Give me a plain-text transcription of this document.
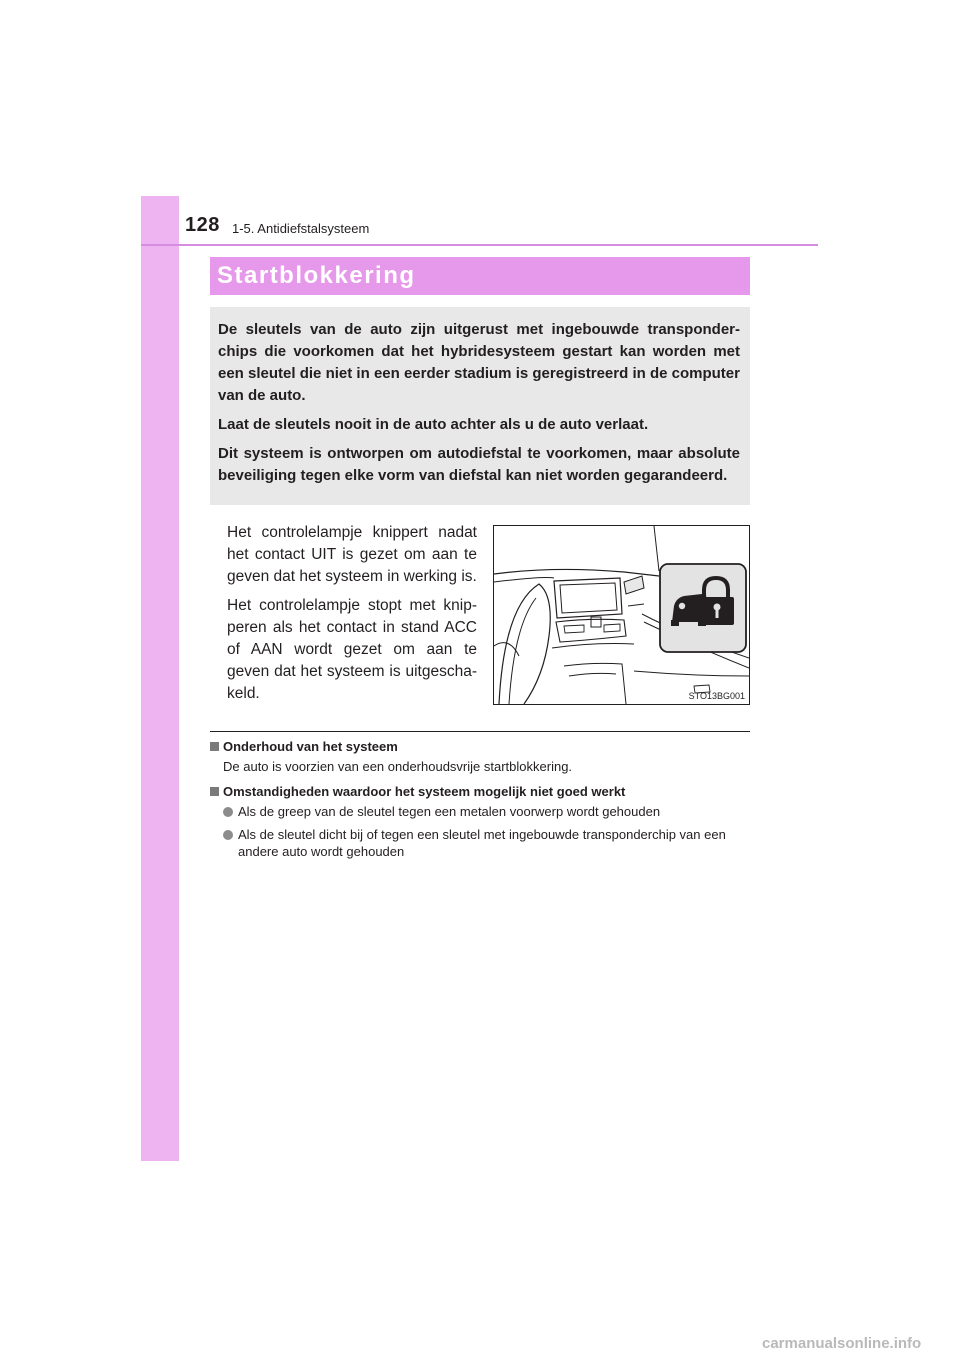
128 1-5. Antidiefstalsysteem
Startblokkering

De sleutels van de auto zijn uitgerust met ingebouwde transponder-chips die voorkomen dat het hybridesysteem gestart kan worden met een sleutel die niet in een eerder stadium is geregistreerd in de computer van de auto.

Laat de sleutels nooit in de auto achter als u de auto verlaat.

Dit systeem is ontworpen om autodiefstal te voorkomen, maar absolute beveiliging tegen elke vorm van diefstal kan niet worden gegarandeerd.

Het controlelampje knippert nadat het contact UIT is gezet om aan te geven dat het systeem in werking is.

Het controlelampje stopt met knip-peren als het contact in stand ACC of AAN wordt gezet om aan te geven dat het systeem is uitgescha-keld.	STO13BG001

Onderhoud van het systeem

De auto is voorzien van een onderhoudsvrije startblokkering.

Omstandigheden waardoor het systeem mogelijk niet goed werkt

Als de greep van de sleutel tegen een metalen voorwerp wordt gehouden
Als de sleutel dicht bij of tegen een sleutel met ingebouwde transponderchip van een andere auto wordt gehouden
carmanualsonline.info
